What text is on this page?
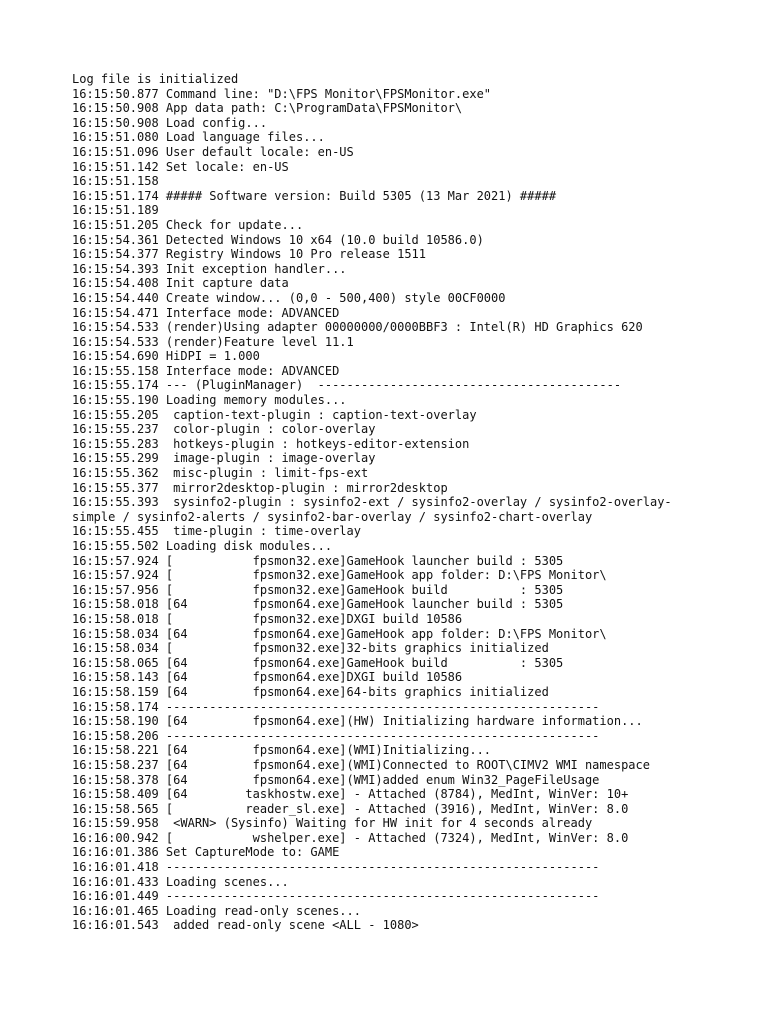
Log file is initialized
16:15:50.877 Command line: "D:\FPS Monitor\FPSMonitor.exe"
16:15:50.908 App data path: C:\ProgramData\FPSMonitor\
16:15:50.908 Load config...
16:15:51.080 Load language files...
16:15:51.096 User default locale: en-US
16:15:51.142 Set locale: en-US
16:15:51.158
16:15:51.174 ##### Software version: Build 5305 (13 Mar 2021) #####
16:15:51.189
16:15:51.205 Check for update...
16:15:54.361 Detected Windows 10 x64 (10.0 build 10586.0)
16:15:54.377 Registry Windows 10 Pro release 1511
16:15:54.393 Init exception handler...
16:15:54.408 Init capture data
16:15:54.440 Create window... (0,0 - 500,400) style 00CF0000
16:15:54.471 Interface mode: ADVANCED
16:15:54.533 (render)Using adapter 00000000/0000BBF3 : Intel(R) HD Graphics 620
16:15:54.533 (render)Feature level 11.1
16:15:54.690 HiDPI = 1.000
16:15:55.158 Interface mode: ADVANCED
16:15:55.174 --- (PluginManager)  ------------------------------------------
16:15:55.190 Loading memory modules...
16:15:55.205  caption-text-plugin : caption-text-overlay
16:15:55.237  color-plugin : color-overlay
16:15:55.283  hotkeys-plugin : hotkeys-editor-extension
16:15:55.299  image-plugin : image-overlay
16:15:55.362  misc-plugin : limit-fps-ext
16:15:55.377  mirror2desktop-plugin : mirror2desktop
16:15:55.393  sysinfo2-plugin : sysinfo2-ext / sysinfo2-overlay / sysinfo2-overlay-
simple / sysinfo2-alerts / sysinfo2-bar-overlay / sysinfo2-chart-overlay
16:15:55.455  time-plugin : time-overlay
16:15:55.502 Loading disk modules...
16:15:57.924 [           fpsmon32.exe]GameHook launcher build : 5305
16:15:57.924 [           fpsmon32.exe]GameHook app folder: D:\FPS Monitor\
16:15:57.956 [           fpsmon32.exe]GameHook build          : 5305
16:15:58.018 [64         fpsmon64.exe]GameHook launcher build : 5305
16:15:58.018 [           fpsmon32.exe]DXGI build 10586
16:15:58.034 [64         fpsmon64.exe]GameHook app folder: D:\FPS Monitor\
16:15:58.034 [           fpsmon32.exe]32-bits graphics initialized
16:15:58.065 [64         fpsmon64.exe]GameHook build          : 5305
16:15:58.143 [64         fpsmon64.exe]DXGI build 10586
16:15:58.159 [64         fpsmon64.exe]64-bits graphics initialized
16:15:58.174 ------------------------------------------------------------
16:15:58.190 [64         fpsmon64.exe](HW) Initializing hardware information...
16:15:58.206 ------------------------------------------------------------
16:15:58.221 [64         fpsmon64.exe](WMI)Initializing...
16:15:58.237 [64         fpsmon64.exe](WMI)Connected to ROOT\CIMV2 WMI namespace
16:15:58.378 [64         fpsmon64.exe](WMI)added enum Win32_PageFileUsage
16:15:58.409 [64        taskhostw.exe] - Attached (8784), MedInt, WinVer: 10+
16:15:58.565 [          reader_sl.exe] - Attached (3916), MedInt, WinVer: 8.0
16:15:59.958  <WARN> (Sysinfo) Waiting for HW init for 4 seconds already
16:16:00.942 [           wshelper.exe] - Attached (7324), MedInt, WinVer: 8.0
16:16:01.386 Set CaptureMode to: GAME
16:16:01.418 ------------------------------------------------------------
16:16:01.433 Loading scenes...
16:16:01.449 ------------------------------------------------------------
16:16:01.465 Loading read-only scenes...
16:16:01.543  added read-only scene <ALL - 1080>
